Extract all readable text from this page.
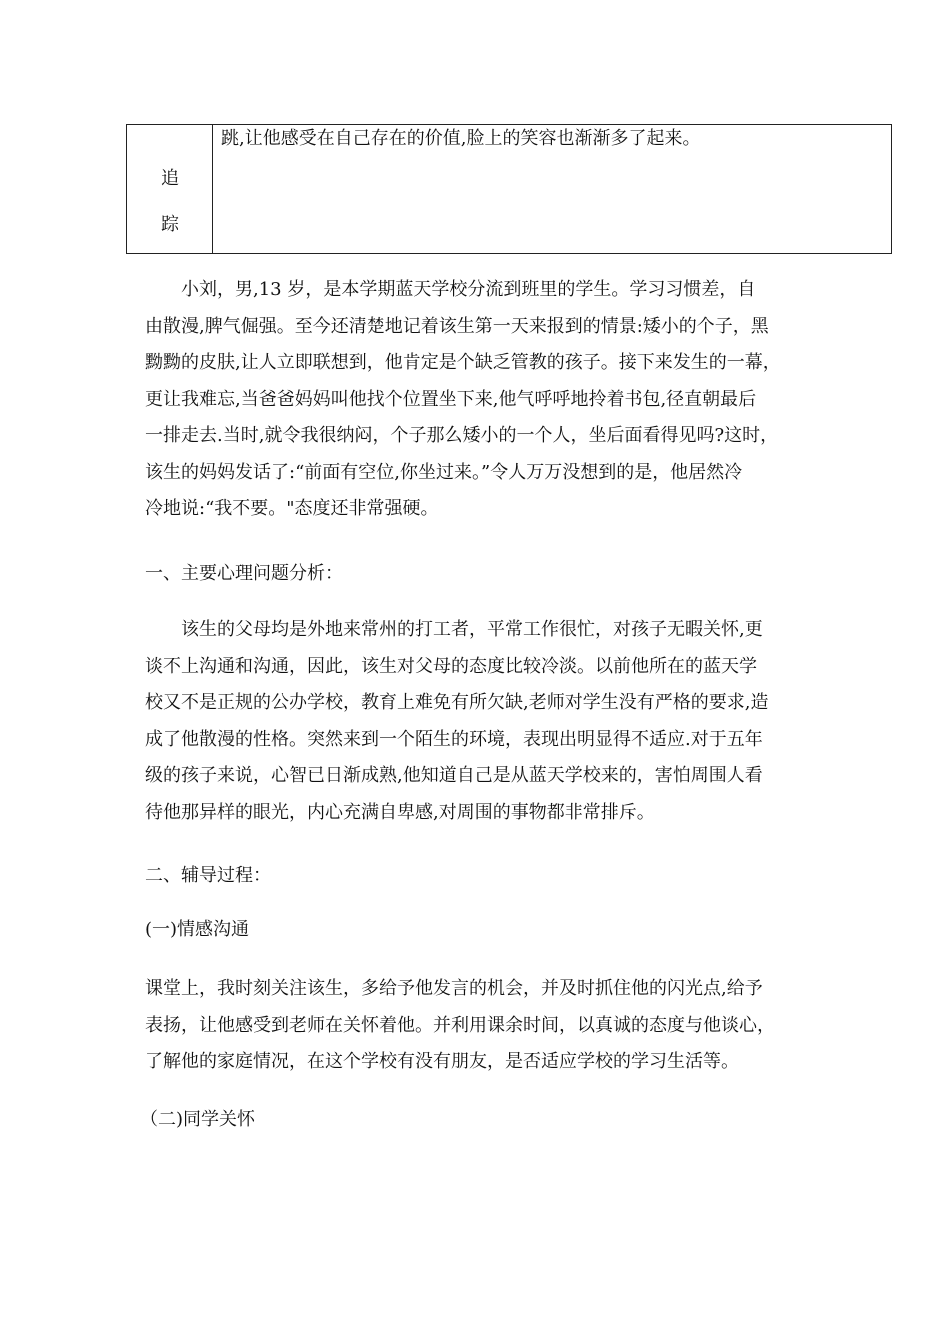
追
踪
跳,让他感受在自己存在的价值,脸上的笑容也渐渐多了起来。

　　小刘，男,13 岁，是本学期蓝天学校分流到班里的学生。学习习惯差，自
由散漫,脾气倔强。至今还清楚地记着该生第一天来报到的情景:矮小的个子，黑
黝黝的皮肤,让人立即联想到，他肯定是个缺乏管教的孩子。接下来发生的一幕，
更让我难忘,当爸爸妈妈叫他找个位置坐下来,他气呼呼地拎着书包,径直朝最后
一排走去.当时,就令我很纳闷，个子那么矮小的一个人，坐后面看得见吗?这时，
该生的妈妈发话了:“前面有空位,你坐过来。”令人万万没想到的是，他居然冷
冷地说:“我不要。"态度还非常强硬。

一、主要心理问题分析：

　　该生的父母均是外地来常州的打工者，平常工作很忙，对孩子无暇关怀,更
谈不上沟通和沟通，因此，该生对父母的态度比较冷淡。以前他所在的蓝天学
校又不是正规的公办学校，教育上难免有所欠缺,老师对学生没有严格的要求,造
成了他散漫的性格。突然来到一个陌生的环境，表现出明显得不适应.对于五年
级的孩子来说，心智已日渐成熟,他知道自己是从蓝天学校来的，害怕周围人看
待他那异样的眼光，内心充满自卑感,对周围的事物都非常排斥。

二、辅导过程：
(一)情感沟通

课堂上，我时刻关注该生，多给予他发言的机会，并及时抓住他的闪光点,给予
表扬，让他感受到老师在关怀着他。并利用课余时间，以真诚的态度与他谈心，
了解他的家庭情况，在这个学校有没有朋友，是否适应学校的学习生活等。

（二)同学关怀
